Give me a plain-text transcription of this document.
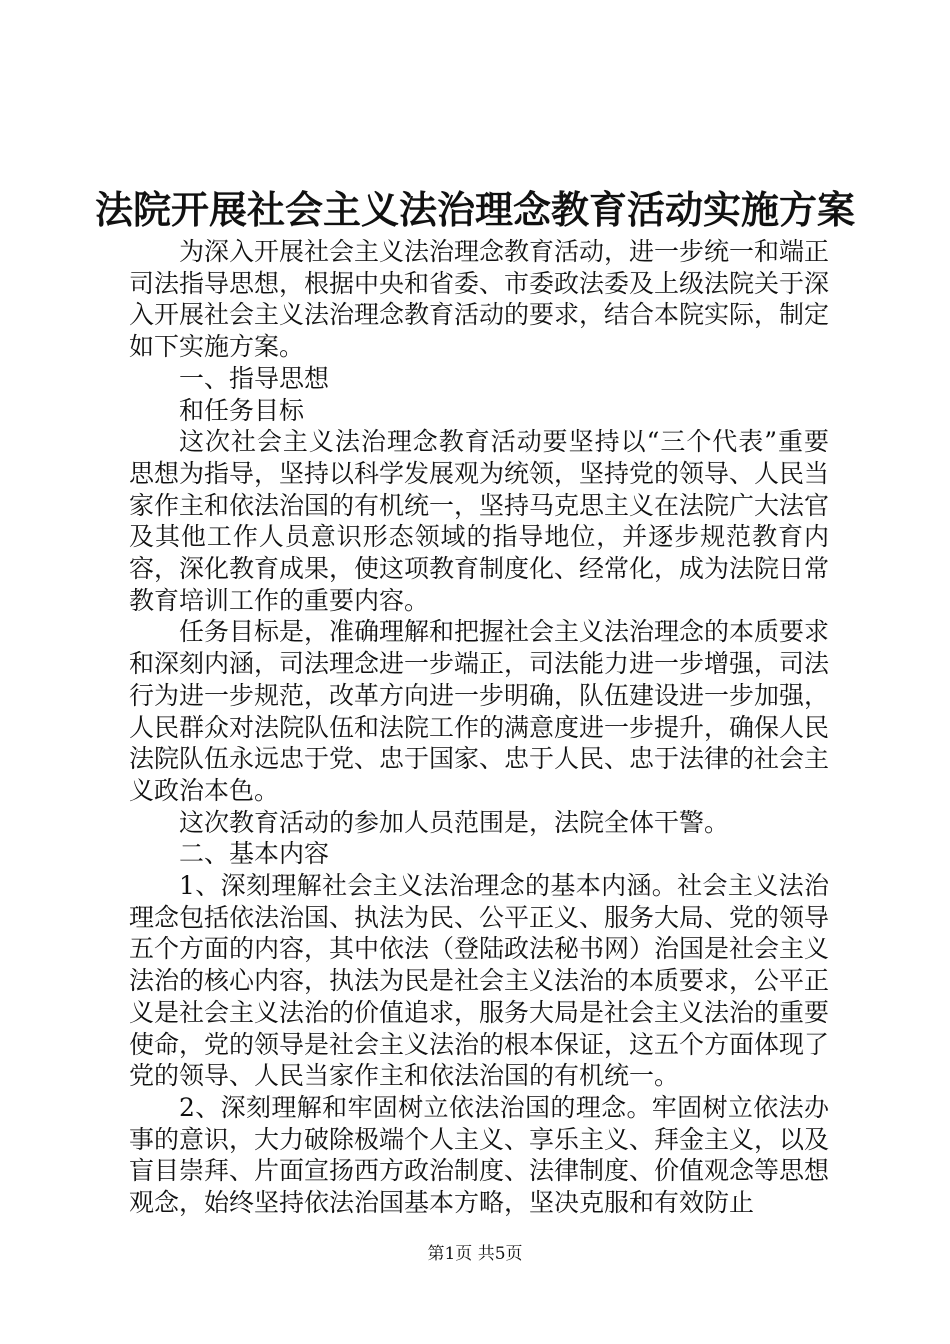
法院开展社会主义法治理念教育活动实施方案

为深入开展社会主义法治理念教育活动，进一步统一和端正司法指导思想，根据中央和省委、市委政法委及上级法院关于深入开展社会主义法治理念教育活动的要求，结合本院实际，制定如下实施方案。

一、指导思想

和任务目标

这次社会主义法治理念教育活动要坚持以“三个代表”重要思想为指导，坚持以科学发展观为统领，坚持党的领导、人民当家作主和依法治国的有机统一，坚持马克思主义在法院广大法官及其他工作人员意识形态领域的指导地位，并逐步规范教育内容，深化教育成果，使这项教育制度化、经常化，成为法院日常教育培训工作的重要内容。

任务目标是，准确理解和把握社会主义法治理念的本质要求和深刻内涵，司法理念进一步端正，司法能力进一步增强，司法行为进一步规范，改革方向进一步明确，队伍建设进一步加强，人民群众对法院队伍和法院工作的满意度进一步提升，确保人民法院队伍永远忠于党、忠于国家、忠于人民、忠于法律的社会主义政治本色。

这次教育活动的参加人员范围是，法院全体干警。

二、基本内容

1、深刻理解社会主义法治理念的基本内涵。社会主义法治理念包括依法治国、执法为民、公平正义、服务大局、党的领导五个方面的内容，其中依法（登陆政法秘书网）治国是社会主义法治的核心内容，执法为民是社会主义法治的本质要求，公平正义是社会主义法治的价值追求，服务大局是社会主义法治的重要使命，党的领导是社会主义法治的根本保证，这五个方面体现了党的领导、人民当家作主和依法治国的有机统一。

2、深刻理解和牢固树立依法治国的理念。牢固树立依法办事的意识，大力破除极端个人主义、享乐主义、拜金主义，以及盲目崇拜、片面宣扬西方政治制度、法律制度、价值观念等思想观念，始终坚持依法治国基本方略，坚决克服和有效防止

第1页 共5页
